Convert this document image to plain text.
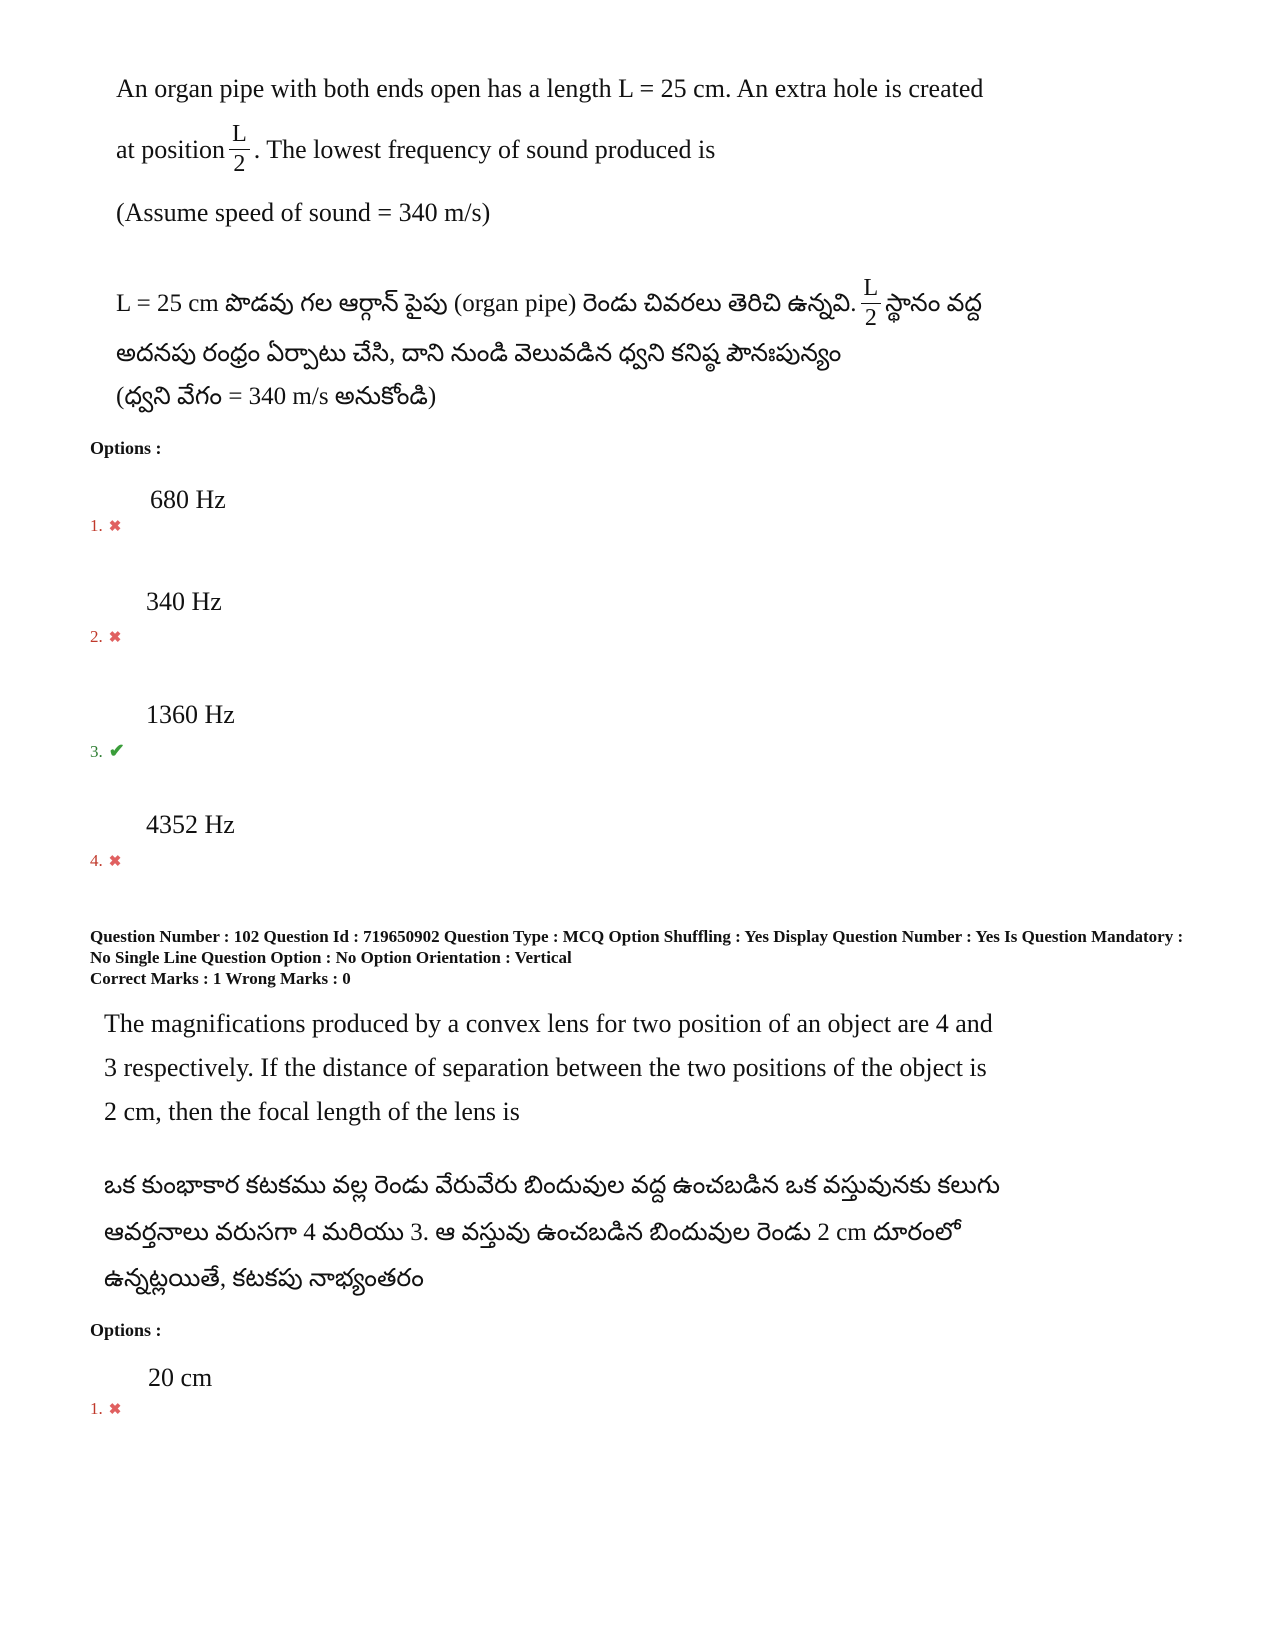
An organ pipe with both ends open has a length L = 25 cm. An extra hole is created
at position $\frac{L}{2}$ . The lowest frequency of sound produced is
(Assume speed of sound = 340 m/s)
L = 25 cm పొడవు గల ఆర్గాన్ పైపు (organ pipe) రెండు చివరలు తెరిచి ఉన్నవి. $\frac{L}{2}$ స్థానం వద్ద
అదనపు రంధ్రం ఏర్పాటు చేసి, దాని నుండి వెలువడిన ధ్వని కనిష్ఠ పౌనఃపున్యం
(ధ్వని వేగం = 340 m/s అనుకోండి)
Options :
680 Hz
1. ✖
340 Hz
2. ✖
1360 Hz
3. ✔
4352 Hz
4. ✖
Question Number : 102 Question Id : 719650902 Question Type : MCQ Option Shuffling : Yes Display Question Number : Yes Is Question Mandatory : No Single Line Question Option : No Option Orientation : Vertical
Correct Marks : 1 Wrong Marks : 0
The magnifications produced by a convex lens for two position of an object are 4 and
3 respectively. If the distance of separation between the two positions of the object is
2 cm, then the focal length of the lens is
ఒక కుంభాకార కటకము వల్ల రెండు వేరువేరు బిందువుల వద్ద ఉంచబడిన ఒక వస్తువునకు కలుగు
ఆవర్తనాలు వరుసగా 4 మరియు 3. ఆ వస్తువు ఉంచబడిన బిందువుల రెండు 2 cm దూరంలో
ఉన్నట్లయితే, కటకపు నాభ్యంతరం
Options :
20 cm
1. ✖
